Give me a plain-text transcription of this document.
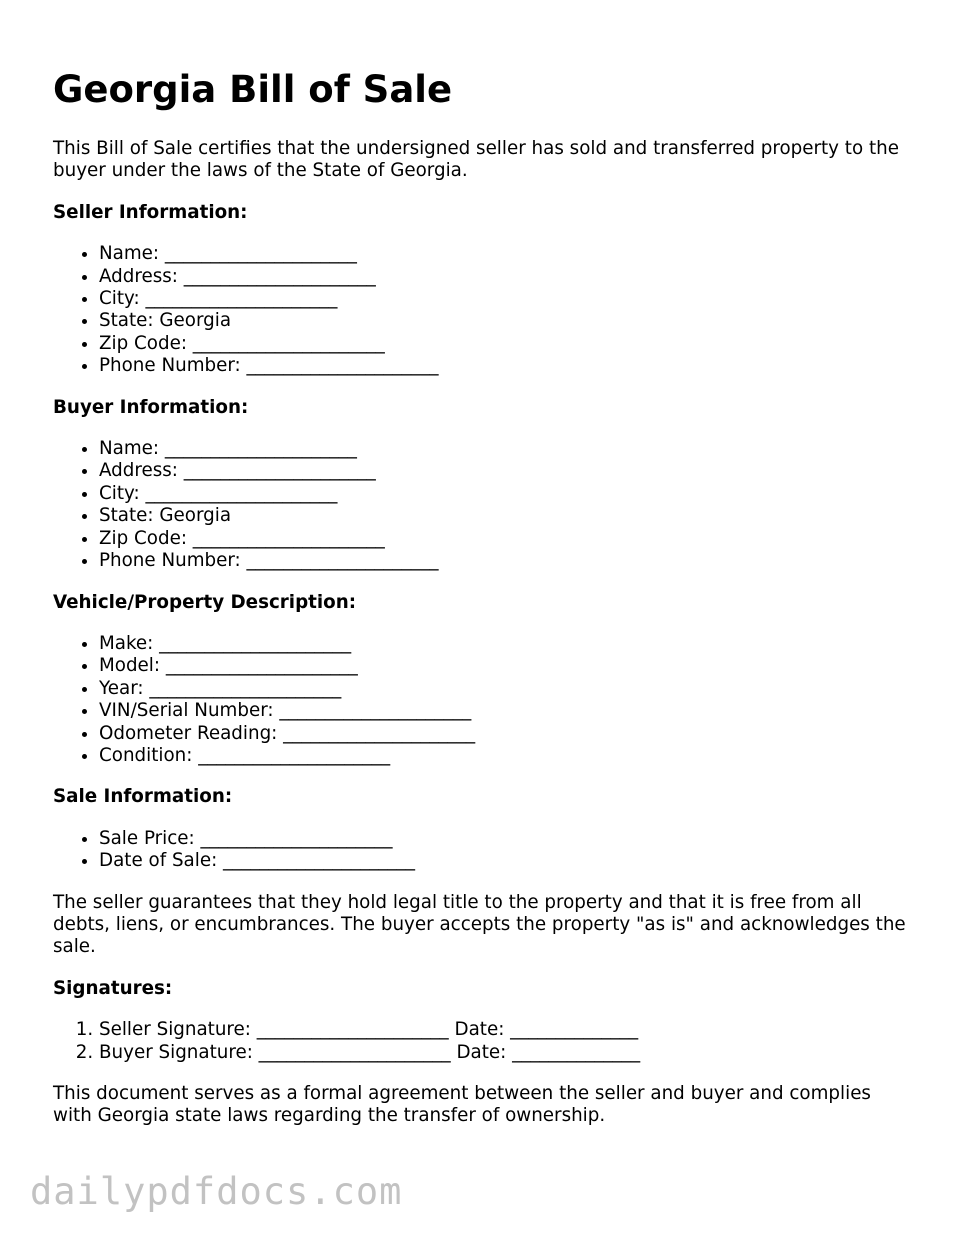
Georgia Bill of Sale

This Bill of Sale certifies that the undersigned seller has sold and transferred property to the buyer under the laws of the State of Georgia.

Seller Information:
• Name: _____________________
• Address: _____________________
• City: _____________________
• State: Georgia
• Zip Code: _____________________
• Phone Number: _____________________
Buyer Information:
• Name: _____________________
• Address: _____________________
• City: _____________________
• State: Georgia
• Zip Code: _____________________
• Phone Number: _____________________
Vehicle/Property Description:
• Make: _____________________
• Model: _____________________
• Year: _____________________
• VIN/Serial Number: _____________________
• Odometer Reading: _____________________
• Condition: _____________________
Sale Information:
• Sale Price: _____________________
• Date of Sale: _____________________

The seller guarantees that they hold legal title to the property and that it is free from all debts, liens, or encumbrances. The buyer accepts the property "as is" and acknowledges the sale.

Signatures:
1. Seller Signature: _____________________ Date: ______________
2. Buyer Signature: _____________________ Date: ______________

This document serves as a formal agreement between the seller and buyer and complies with Georgia state laws regarding the transfer of ownership.

dailypdfdocs.com
